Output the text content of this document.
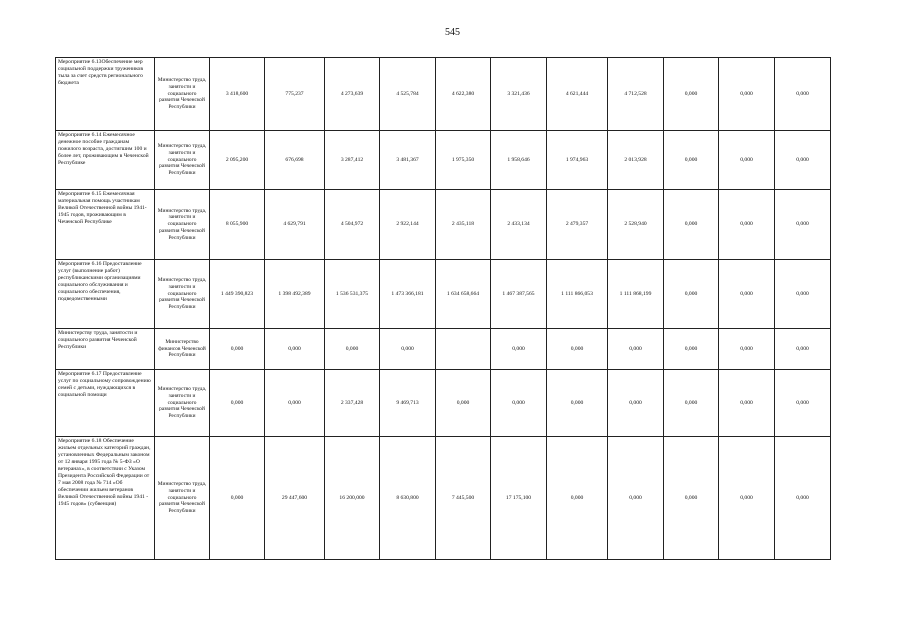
545
Мероприятие 6.13Обеспечение мер социальной поддержки тружеников тыла за счет средств регионального бюджета	Министерство труда, занятости и социального развития Чеченской Республики	3 418,600	775,237	4 273,639	4 525,784	4 622,380	3 321,436	4 621,444	4 712,528	0,000	0,000	0,000
Мероприятие 6.14 Ежемесячное денежное пособие гражданам пожилого возраста, достигшим 100 и более лет, проживающим в Чеченской Республике	Министерство труда, занятости и социального развития Чеченской Республики	2 095,200	676,698	3 287,412	3 481,367	1 975,350	1 958,646	1 974,963	2 013,928	0,000	0,000	0,000
Мероприятие 6.15 Ежемесячная материальная помощь участникам Великой Отечественной войны 1941-1945 годов, проживающим в Чеченской Республике	Министерство труда, занятости и социального развития Чеченской Республики	8 055,900	4 629,791	4 504,972	2 922,144	2 435,118	2 433,134	2 479,357	2 528,940	0,000	0,000	0,000
Мероприятие 6.16 Предоставление услуг (выполнение работ) республиканскими организациями социального обслуживания и социального обеспечения, подведомственными	Министерство труда, занятости и социального развития Чеченской Республики	1 449 390,823	1 398 492,389	1 536 531,375	1 473 366,181	1 634 658,664	1 467 387,565	1 111 866,053	1 111 868,199	0,000	0,000	0,000
Министерству труда, занятости и социального развития Чеченской Республики	Министерство финансов Чеченской Республики	0,000	0,000	0,000	0,000		0,000	0,000	0,000	0,000	0,000	0,000
Мероприятие 6.17 Предоставление услуг по социальному сопровождению семей с детьми, нуждающихся в социальной помощи	Министерство труда, занятости и социального развития Чеченской Республики	0,000	0,000	2 337,428	9 469,713	0,000	0,000	0,000	0,000	0,000	0,000	0,000
Мероприятие 6.18 Обеспечение жильем отдельных категорий граждан, установленных Федеральным законом от 12 января 1995 года № 5-ФЗ «О ветеранах», в соответствии с Указом Президента Российской Федерации от 7 мая 2008 года № 714 «Об обеспечении жильем ветеранов Великой Отечественной войны 1941 - 1945 годов» (субвенция)	Министерство труда, занятости и социального развития Чеченской Республики	0,000	29 447,600	16 200,000	8 630,800	7 445,500	17 175,100	0,000	0,000	0,000	0,000	0,000
